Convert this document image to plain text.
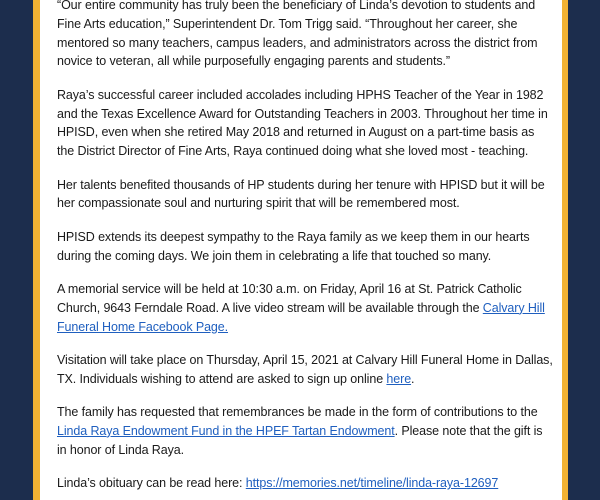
“Our entire community has truly been the beneficiary of Linda’s devotion to students and Fine Arts education,” Superintendent Dr. Tom Trigg said. “Throughout her career, she mentored so many teachers, campus leaders, and administrators across the district from novice to veteran, all while purposefully engaging parents and students.”

Raya’s successful career included accolades including HPHS Teacher of the Year in 1982 and the Texas Excellence Award for Outstanding Teachers in 2003. Throughout her time in HPISD, even when she retired May 2018 and returned in August on a part-time basis as the District Director of Fine Arts, Raya continued doing what she loved most - teaching.

Her talents benefited thousands of HP students during her tenure with HPISD but it will be her compassionate soul and nurturing spirit that will be remembered most.

HPISD extends its deepest sympathy to the Raya family as we keep them in our hearts during the coming days. We join them in celebrating a life that touched so many.

A memorial service will be held at 10:30 a.m. on Friday, April 16 at St. Patrick Catholic Church, 9643 Ferndale Road. A live video stream will be available through the Calvary Hill Funeral Home Facebook Page.

Visitation will take place on Thursday, April 15, 2021 at Calvary Hill Funeral Home in Dallas, TX. Individuals wishing to attend are asked to sign up online here.

The family has requested that remembrances be made in the form of contributions to the Linda Raya Endowment Fund in the HPEF Tartan Endowment. Please note that the gift is in honor of Linda Raya.

Linda’s obituary can be read here: https://memories.net/timeline/linda-raya-12697
